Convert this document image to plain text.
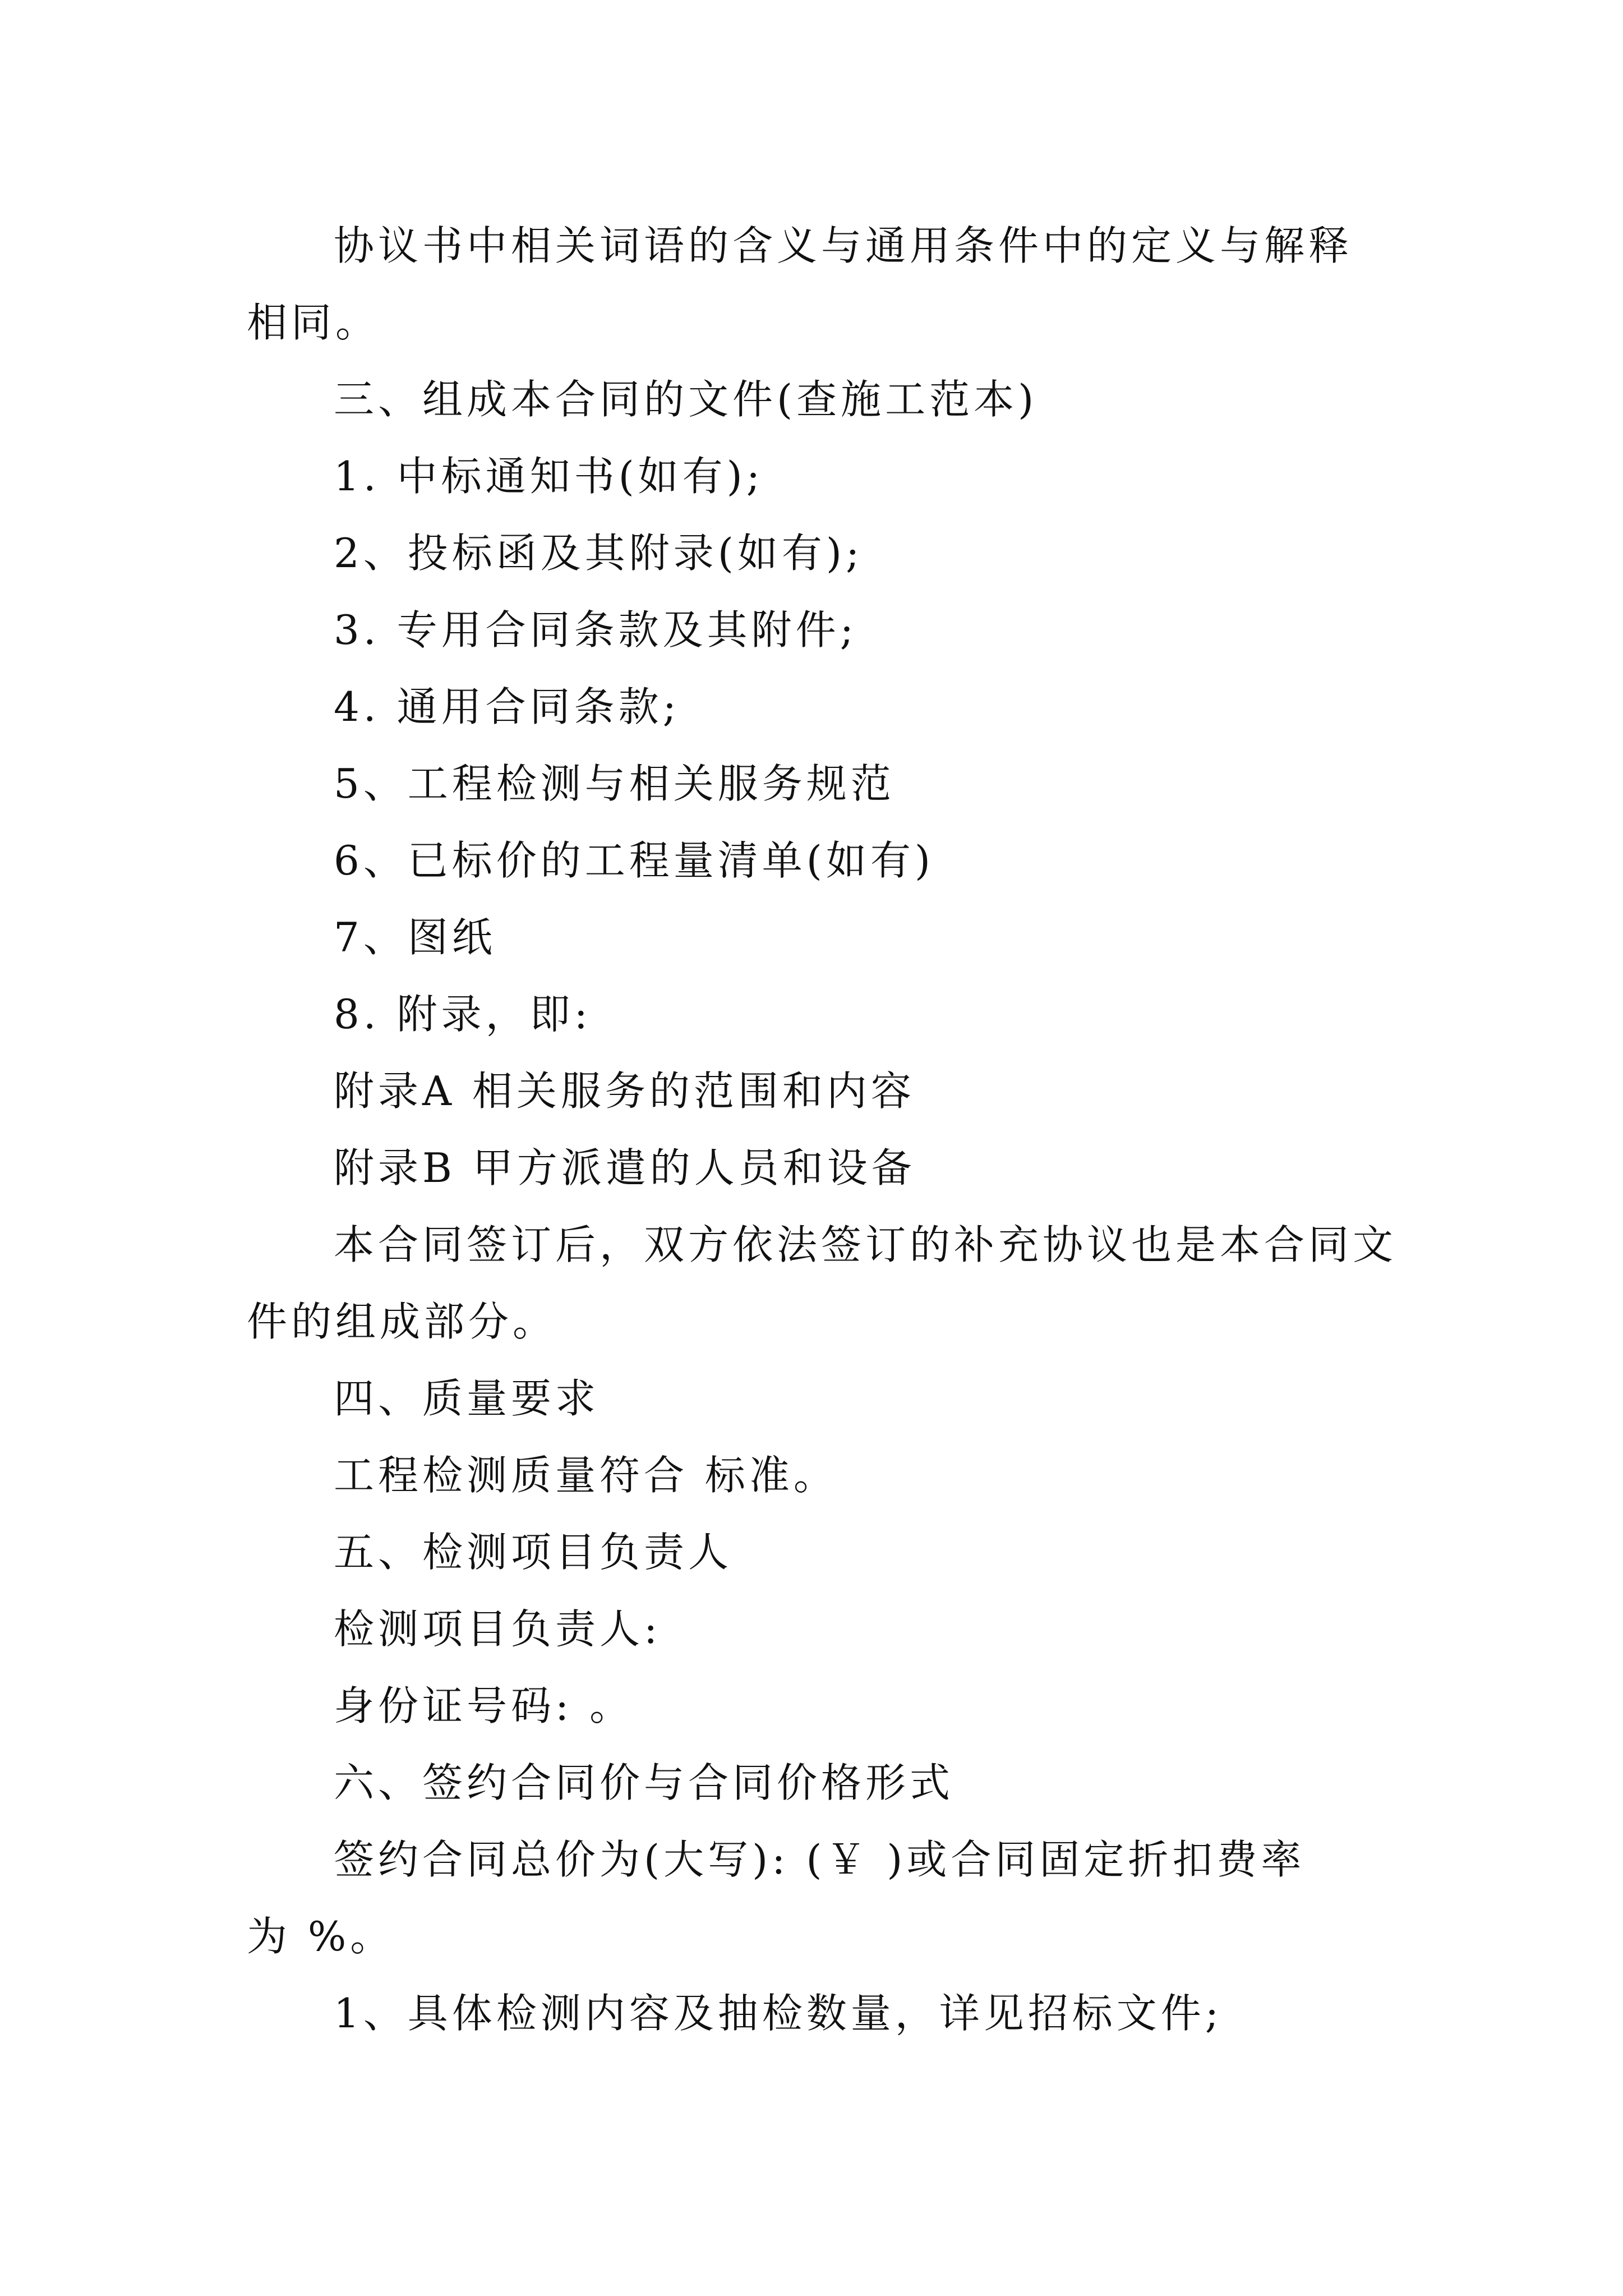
协议书中相关词语的含义与通用条件中的定义与解释
相同。
三、组成本合同的文件(查施工范本)
1. 中标通知书(如有);
2、投标函及其附录(如有);
3. 专用合同条款及其附件;
4. 通用合同条款;
5、工程检测与相关服务规范
6、已标价的工程量清单(如有)
7、图纸
8. 附录，即:
附录A 相关服务的范围和内容
附录B 甲方派遣的人员和设备
本合同签订后，双方依法签订的补充协议也是本合同文
件的组成部分。
四、质量要求
工程检测质量符合 标准。
五、检测项目负责人
检测项目负责人:
身份证号码: 。
六、签约合同价与合同价格形式
签约合同总价为(大写): (￥ )或合同固定折扣费率
为 %。
1、具体检测内容及抽检数量，详见招标文件;
